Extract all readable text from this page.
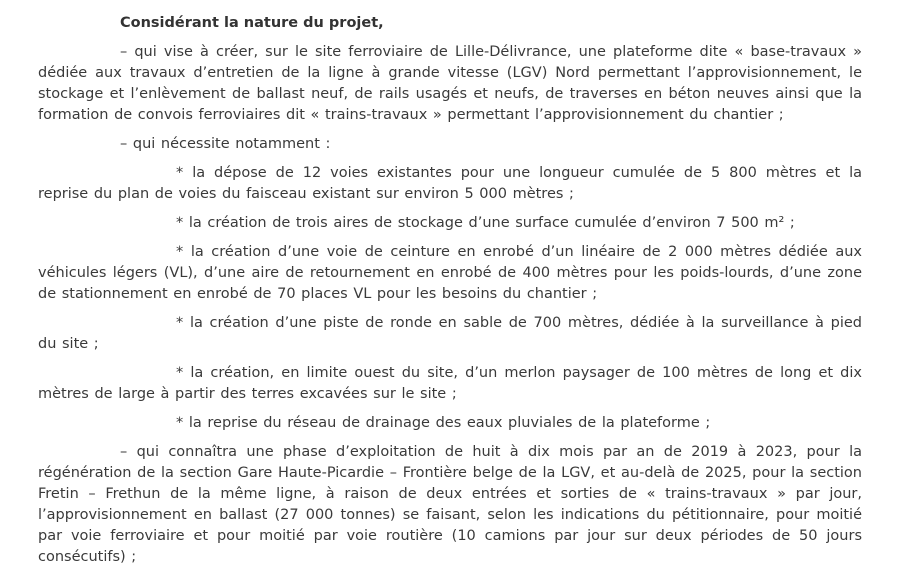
Considérant la nature du projet,

– qui vise à créer, sur le site ferroviaire de Lille-Délivrance, une plateforme dite « base-travaux » dédiée aux travaux d’entretien de la ligne à grande vitesse (LGV) Nord permettant l’approvisionnement, le stockage et l’enlèvement de ballast neuf, de rails usagés et neufs, de traverses en béton neuves ainsi que la formation de convois ferroviaires dit « trains-travaux » permettant l’approvisionnement du chantier ;

– qui nécessite notamment :

* la dépose de 12 voies existantes pour une longueur cumulée de 5 800 mètres et la reprise du plan de voies du faisceau existant sur environ 5 000 mètres ;

* la création de trois aires de stockage d’une surface cumulée d’environ 7 500 m² ;

* la création d’une voie de ceinture en enrobé d’un linéaire de 2 000 mètres dédiée aux véhicules légers (VL), d’une aire de retournement en enrobé de 400 mètres pour les poids-lourds, d’une zone de stationnement en enrobé de 70 places VL pour les besoins du chantier ;

* la création d’une piste de ronde en sable de 700 mètres, dédiée à la surveillance à pied du site ;

* la création, en limite ouest du site, d’un merlon paysager de 100 mètres de long et dix mètres de large à partir des terres excavées sur le site ;

* la reprise du réseau de drainage des eaux pluviales de la plateforme ;

– qui connaîtra une phase d’exploitation de huit à dix mois par an de 2019 à 2023, pour la régénération de la section Gare Haute-Picardie – Frontière belge de la LGV, et au-delà de 2025, pour la section Fretin – Frethun de la même ligne, à raison de deux entrées et sorties de « trains-travaux » par jour, l’approvisionnement en ballast (27 000 tonnes) se faisant, selon les indications du pétitionnaire, pour moitié par voie ferroviaire et pour moitié par voie routière (10 camions par jour sur deux périodes de 50 jours consécutifs) ;
